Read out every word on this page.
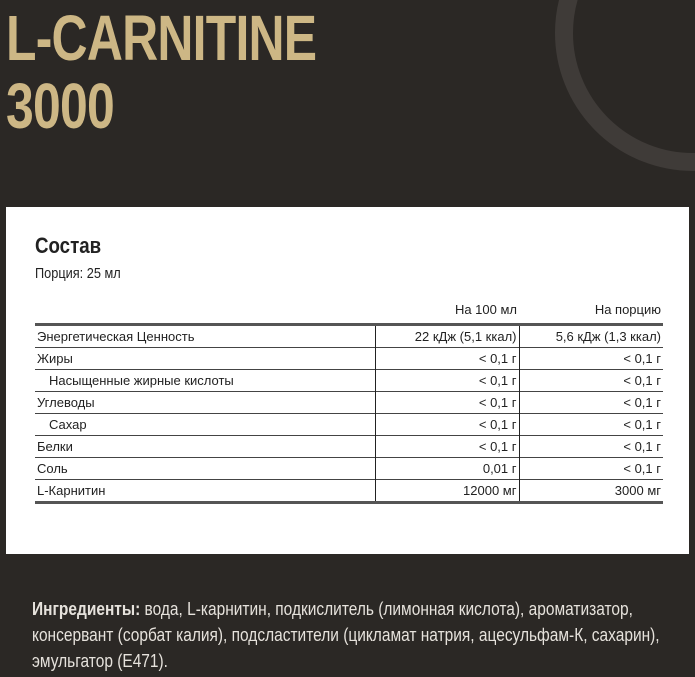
L-CARNITINE
3000
Состав
Порция: 25 мл
	На 100 мл	На порцию
Энергетическая Ценность	22 кДж (5,1 ккал)	5,6 кДж (1,3 ккал)
Жиры	< 0,1 г	< 0,1 г
Насыщенные жирные кислоты	< 0,1 г	< 0,1 г
Углеводы	< 0,1 г	< 0,1 г
Сахар	< 0,1 г	< 0,1 г
Белки	< 0,1 г	< 0,1 г
Соль	0,01 г	< 0,1 г
L-Карнитин	12000 мг	3000 мг
Ингредиенты: вода, L-карнитин, подкислитель (лимонная кислота), ароматизатор, консервант (сорбат калия), подсластители (цикламат натрия, ацесульфам-К, сахарин), эмульгатор (Е471).
